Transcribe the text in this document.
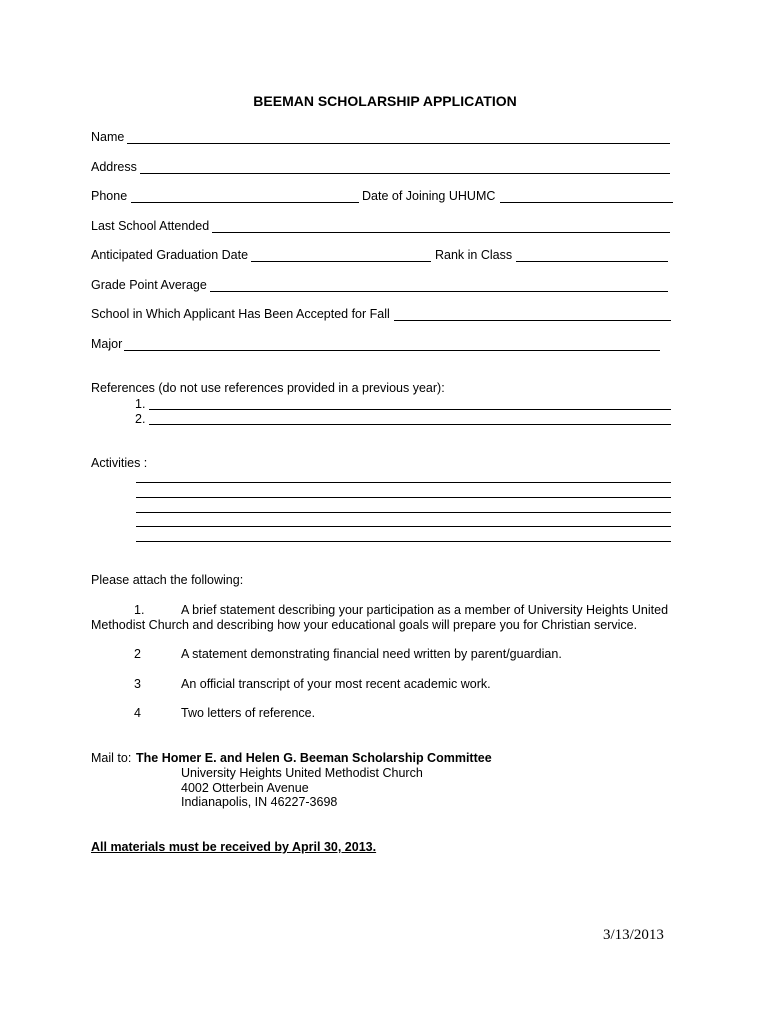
BEEMAN SCHOLARSHIP APPLICATION
Name
Address
Phone	Date of Joining UHUMC
Last School Attended
Anticipated Graduation Date	Rank in Class
Grade Point Average
School in Which Applicant Has Been Accepted for Fall
Major
References (do not use references provided in a previous year):
1.
2.
Activities :
Please attach the following:
1.	A brief statement describing your participation as a member of University Heights United
Methodist Church and describing how your educational goals will prepare you for Christian service.
2	A statement demonstrating financial need written by parent/guardian.
3	An official transcript of your most recent academic work.
4	Two letters of reference.
Mail to: The Homer E. and Helen G. Beeman Scholarship Committee
University Heights United Methodist Church
4002 Otterbein Avenue
Indianapolis, IN 46227-3698
All materials must be received by April 30, 2013.
3/13/2013
